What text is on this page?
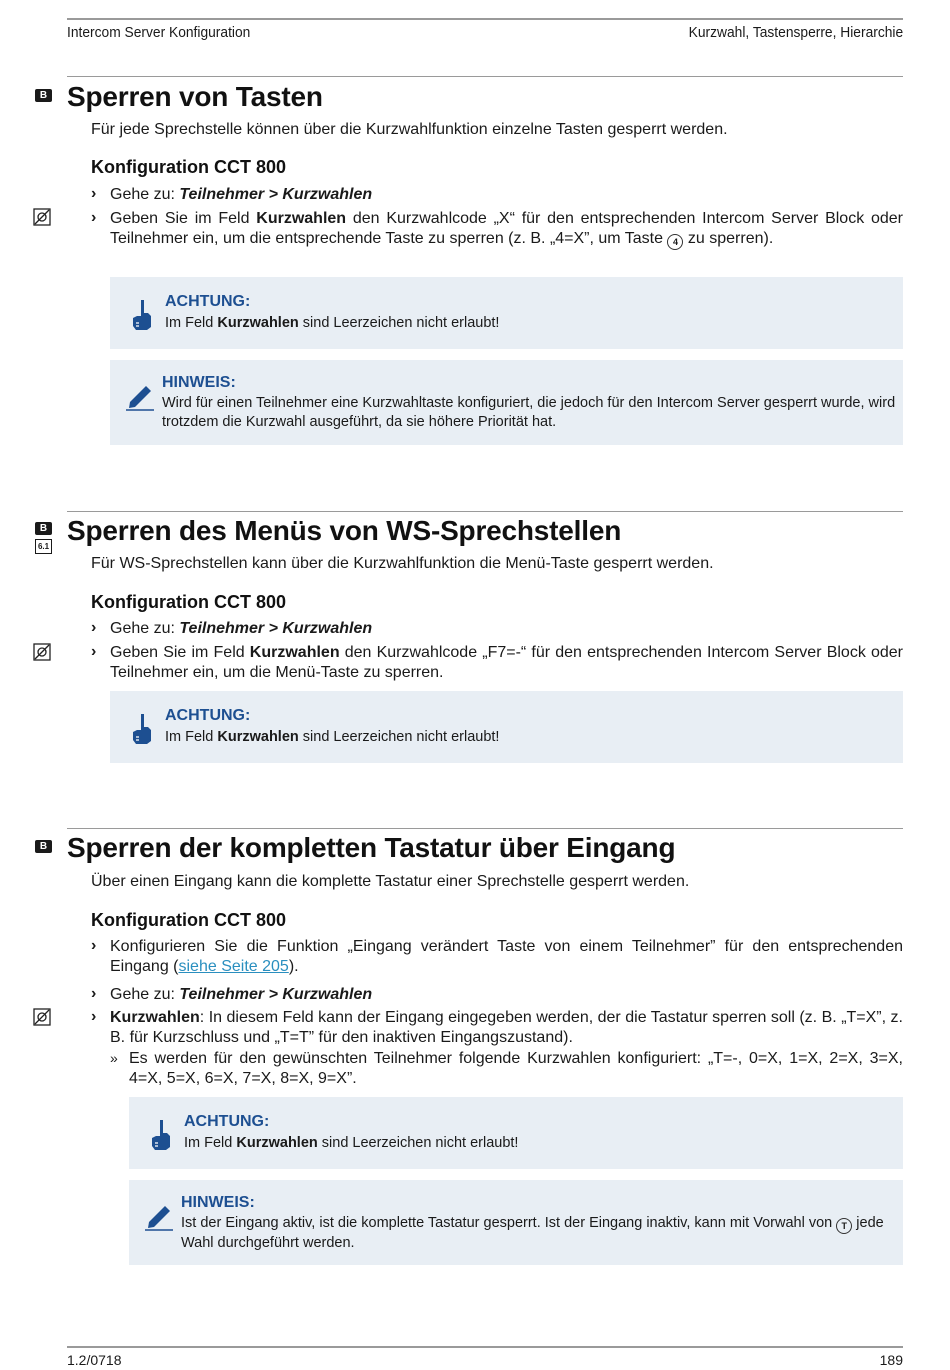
Intercom Server Konfiguration	Kurzwahl, Tastensperre, Hierarchie
B Sperren von Tasten
Für jede Sprechstelle können über die Kurzwahlfunktion einzelne Tasten gesperrt werden.
Konfiguration CCT 800
› Gehe zu: Teilnehmer > Kurzwahlen
› Geben Sie im Feld Kurzwahlen den Kurzwahlcode „X“ für den entsprechenden Intercom Server Block oder Teilnehmer ein, um die entsprechende Taste zu sperren (z. B. „4=X”, um Taste 4 zu sperren).
ACHTUNG:
Im Feld Kurzwahlen sind Leerzeichen nicht erlaubt!
HINWEIS:
Wird für einen Teilnehmer eine Kurzwahltaste konfiguriert, die jedoch für den Intercom Server gesperrt wurde, wird trotzdem die Kurzwahl ausgeführt, da sie höhere Priorität hat.
B
6.1
Sperren des Menüs von WS-Sprechstellen
Für WS-Sprechstellen kann über die Kurzwahlfunktion die Menü-Taste gesperrt werden.
Konfiguration CCT 800
› Gehe zu: Teilnehmer > Kurzwahlen
› Geben Sie im Feld Kurzwahlen den Kurzwahlcode „F7=-“ für den entsprechenden Intercom Server Block oder Teilnehmer ein, um die Menü-Taste zu sperren.
ACHTUNG:
Im Feld Kurzwahlen sind Leerzeichen nicht erlaubt!
B Sperren der kompletten Tastatur über Eingang
Über einen Eingang kann die komplette Tastatur einer Sprechstelle gesperrt werden.
Konfiguration CCT 800
› Konfigurieren Sie die Funktion „Eingang verändert Taste von einem Teilnehmer” für den entsprechenden Eingang (siehe Seite 205).
› Gehe zu: Teilnehmer > Kurzwahlen
› Kurzwahlen: In diesem Feld kann der Eingang eingegeben werden, der die Tastatur sperren soll (z. B. „T=X”, z. B. für Kurzschluss und „T=T” für den inaktiven Eingangszustand).
» Es werden für den gewünschten Teilnehmer folgende Kurzwahlen konfiguriert: „T=-, 0=X, 1=X, 2=X, 3=X, 4=X, 5=X, 6=X, 7=X, 8=X, 9=X”.
ACHTUNG:
Im Feld Kurzwahlen sind Leerzeichen nicht erlaubt!
HINWEIS:
Ist der Eingang aktiv, ist die komplette Tastatur gesperrt. Ist der Eingang inaktiv, kann mit Vorwahl von T jede Wahl durchgeführt werden.
1.2/0718	189
